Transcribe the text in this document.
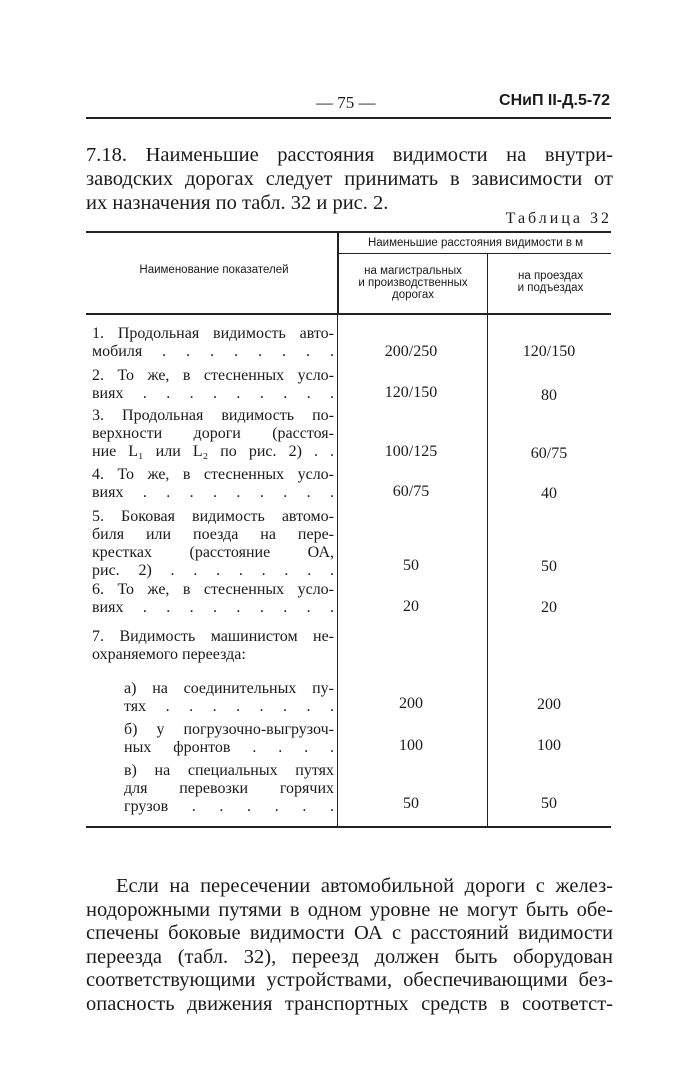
— 75 —	СНиП II-Д.5-72
7.18. Наименьшие расстояния видимости на внутри-
заводских дорогах следует принимать в зависимости от
их назначения по табл. 32 и рис. 2.
Таблица 32
Наименование показателей
Наименьшие расстояния видимости в м
на магистральных
и производственных
дорогах
на проездах
и подъездах
1. Продольная видимость авто-
мобиля . . . . . . . .	200/250	120/150
2. То же, в стесненных усло-
виях . . . . . . . . .	120/150	80
3. Продольная видимость по-
верхности дороги (расстоя-
ние L₁ или L₂ по рис. 2) . .	100/125	60/75
4. То же, в стесненных усло-
виях . . . . . . . . .	60/75	40
5. Боковая видимость автомо-
биля или поезда на пере-
крестках (расстояние ОА,
рис. 2) . . . . . . . .	50	50
6. То же, в стесненных усло-
виях . . . . . . . . .	20	20
7. Видимость машинистом не-
охраняемого переезда:
а) на соединительных пу-
тях . . . . . . . .	200	200
б) у погрузочно-выгрузоч-
ных фронтов . . . .	100	100
в) на специальных путях
для перевозки горячих
грузов . . . . . .	50	50
Если на пересечении автомобильной дороги с желез-
нодорожными путями в одном уровне не могут быть обе-
спечены боковые видимости ОА с расстояний видимости
переезда (табл. 32), переезд должен быть оборудован
соответствующими устройствами, обеспечивающими без-
опасность движения транспортных средств в соответст-
